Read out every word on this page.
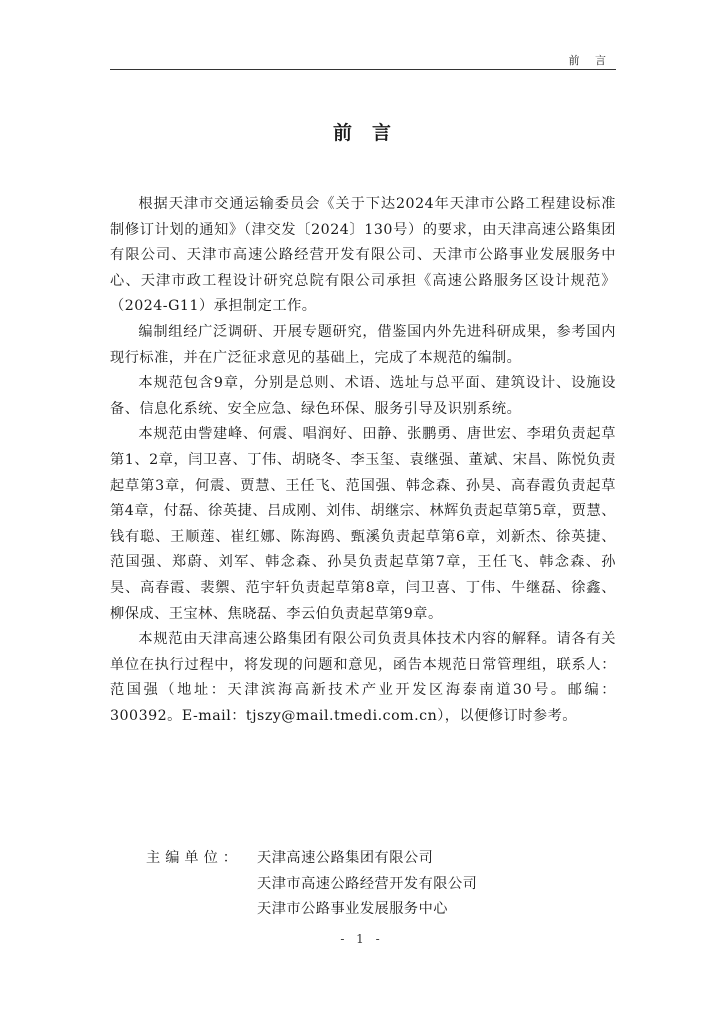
前 言
前言

根据天津市交通运输委员会《关于下达2024年天津市公路工程建设标准制修订计划的通知》（津交发〔2024〕130号）的要求，由天津高速公路集团有限公司、天津市高速公路经营开发有限公司、天津市公路事业发展服务中心、天津市政工程设计研究总院有限公司承担《高速公路服务区设计规范》（2024-G11）承担制定工作。

编制组经广泛调研、开展专题研究，借鉴国内外先进科研成果，参考国内现行标准，并在广泛征求意见的基础上，完成了本规范的编制。

本规范包含9章，分别是总则、术语、选址与总平面、建筑设计、设施设备、信息化系统、安全应急、绿色环保、服务引导及识别系统。

本规范由訾建峰、何震、唱润好、田静、张鹏勇、唐世宏、李珺负责起草第1、2章，闫卫喜、丁伟、胡晓冬、李玉玺、袁继强、董斌、宋昌、陈悦负责起草第3章，何震、贾慧、王任飞、范国强、韩念森、孙昊、高春霞负责起草第4章，付磊、徐英捷、吕成刚、刘伟、胡继宗、林辉负责起草第5章，贾慧、钱有聪、王顺莲、崔红娜、陈海鸥、甄溪负责起草第6章，刘新杰、徐英捷、范国强、郑蔚、刘军、韩念森、孙昊负责起草第7章，王任飞、韩念森、孙昊、高春霞、裴禦、范宇轩负责起草第8章，闫卫喜、丁伟、牛继磊、徐鑫、柳保成、王宝林、焦晓磊、李云伯负责起草第9章。

本规范由天津高速公路集团有限公司负责具体技术内容的解释。请各有关单位在执行过程中，将发现的问题和意见，函告本规范日常管理组，联系人：范国强（地址：天津滨海高新技术产业开发区海泰南道30号。邮编：300392。E-mail：tjszy@mail.tmedi.com.cn），以便修订时参考。

主编单位：	天津高速公路集团有限公司
天津市高速公路经营开发有限公司
天津市公路事业发展服务中心
- 1 -
